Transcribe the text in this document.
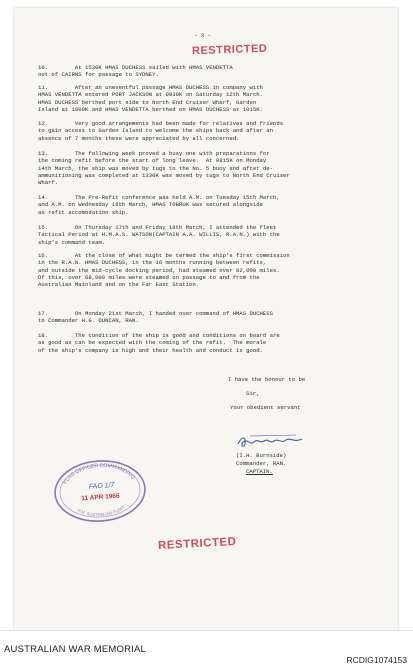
- 3 -
RESTRICTED
10.        At 1530K HMAS DUCHESS sailed with HMAS VENDETTA
out of CAIRNS for passage to SYDNEY.
11.        After an uneventful passage HMAS DUCHESS in company with
HMAS VENDETTA entered PORT JACKSON at 0930K on Saturday 12th March.
HMAS DUCHESS berthed port side to North End Cruiser Wharf, Garden
Island at 1000K and HMAS VENDETTA berthed on HMAS DUCHESS at 1015K.
12.        Very good arrangements had been made for relatives and friends
to gain access to Garden Island to welcome the ships back and after an
absence of 7 months these were appreciated by all concerned.
13.        The following week proved a busy one with preparations for
the coming refit before the start of long leave.  At 0815K on Monday
14th March, the ship was moved by tugs to the No. 5 buoy and after de-
ammunitioning was completed at 1330K was moved by tugs to North End Cruiser
Wharf.
14.        The Pre-Refit conference was held A.M. on Tuesday 15th March,
and A.M. on Wednesday 16th March, HMAS TOBRUK was secured alongside
as refit accomodation ship.
15.        On Thursday 17th and Friday 18th March, I attended the fleet
Tactical Period at H.M.A.S. WATSON(CAPTAIN A.A. WILLIS, R.A.N.) with the
ship's command team.
16.        At the close of what might be termed the ship's first commission
in the R.A.N. HMAS DUCHESS, in the 16 months running between refits,
and outside the mid-cycle docking period, had steamed over 82,000 miles.
Of this, over 68,000 miles were steamed on passage to and from the
Australian Mainland and on the Far East Station.
17.        On Monday 21st March, I handed over command of HMAS DUCHESS
to Commander H.G. DUNCAN, RAN.
18.        The condition of the ship is good and conditions on board are
as good as can be expected with the coming of the refit.  The morale
of the ship's company is high and their health and conduct is good.
I have the honour to be
Sir,
Your obedient servant
(I.H. Burnside)
Commander, RAN.
CAPTAIN.
FLAG OFFICER COMMANDING
H.M. AUSTRALIAN FLEET
FAO 1/7
11 APR 1966
RESTRICTED
AUSTRALIAN WAR MEMORIAL
RCDIG1074153
